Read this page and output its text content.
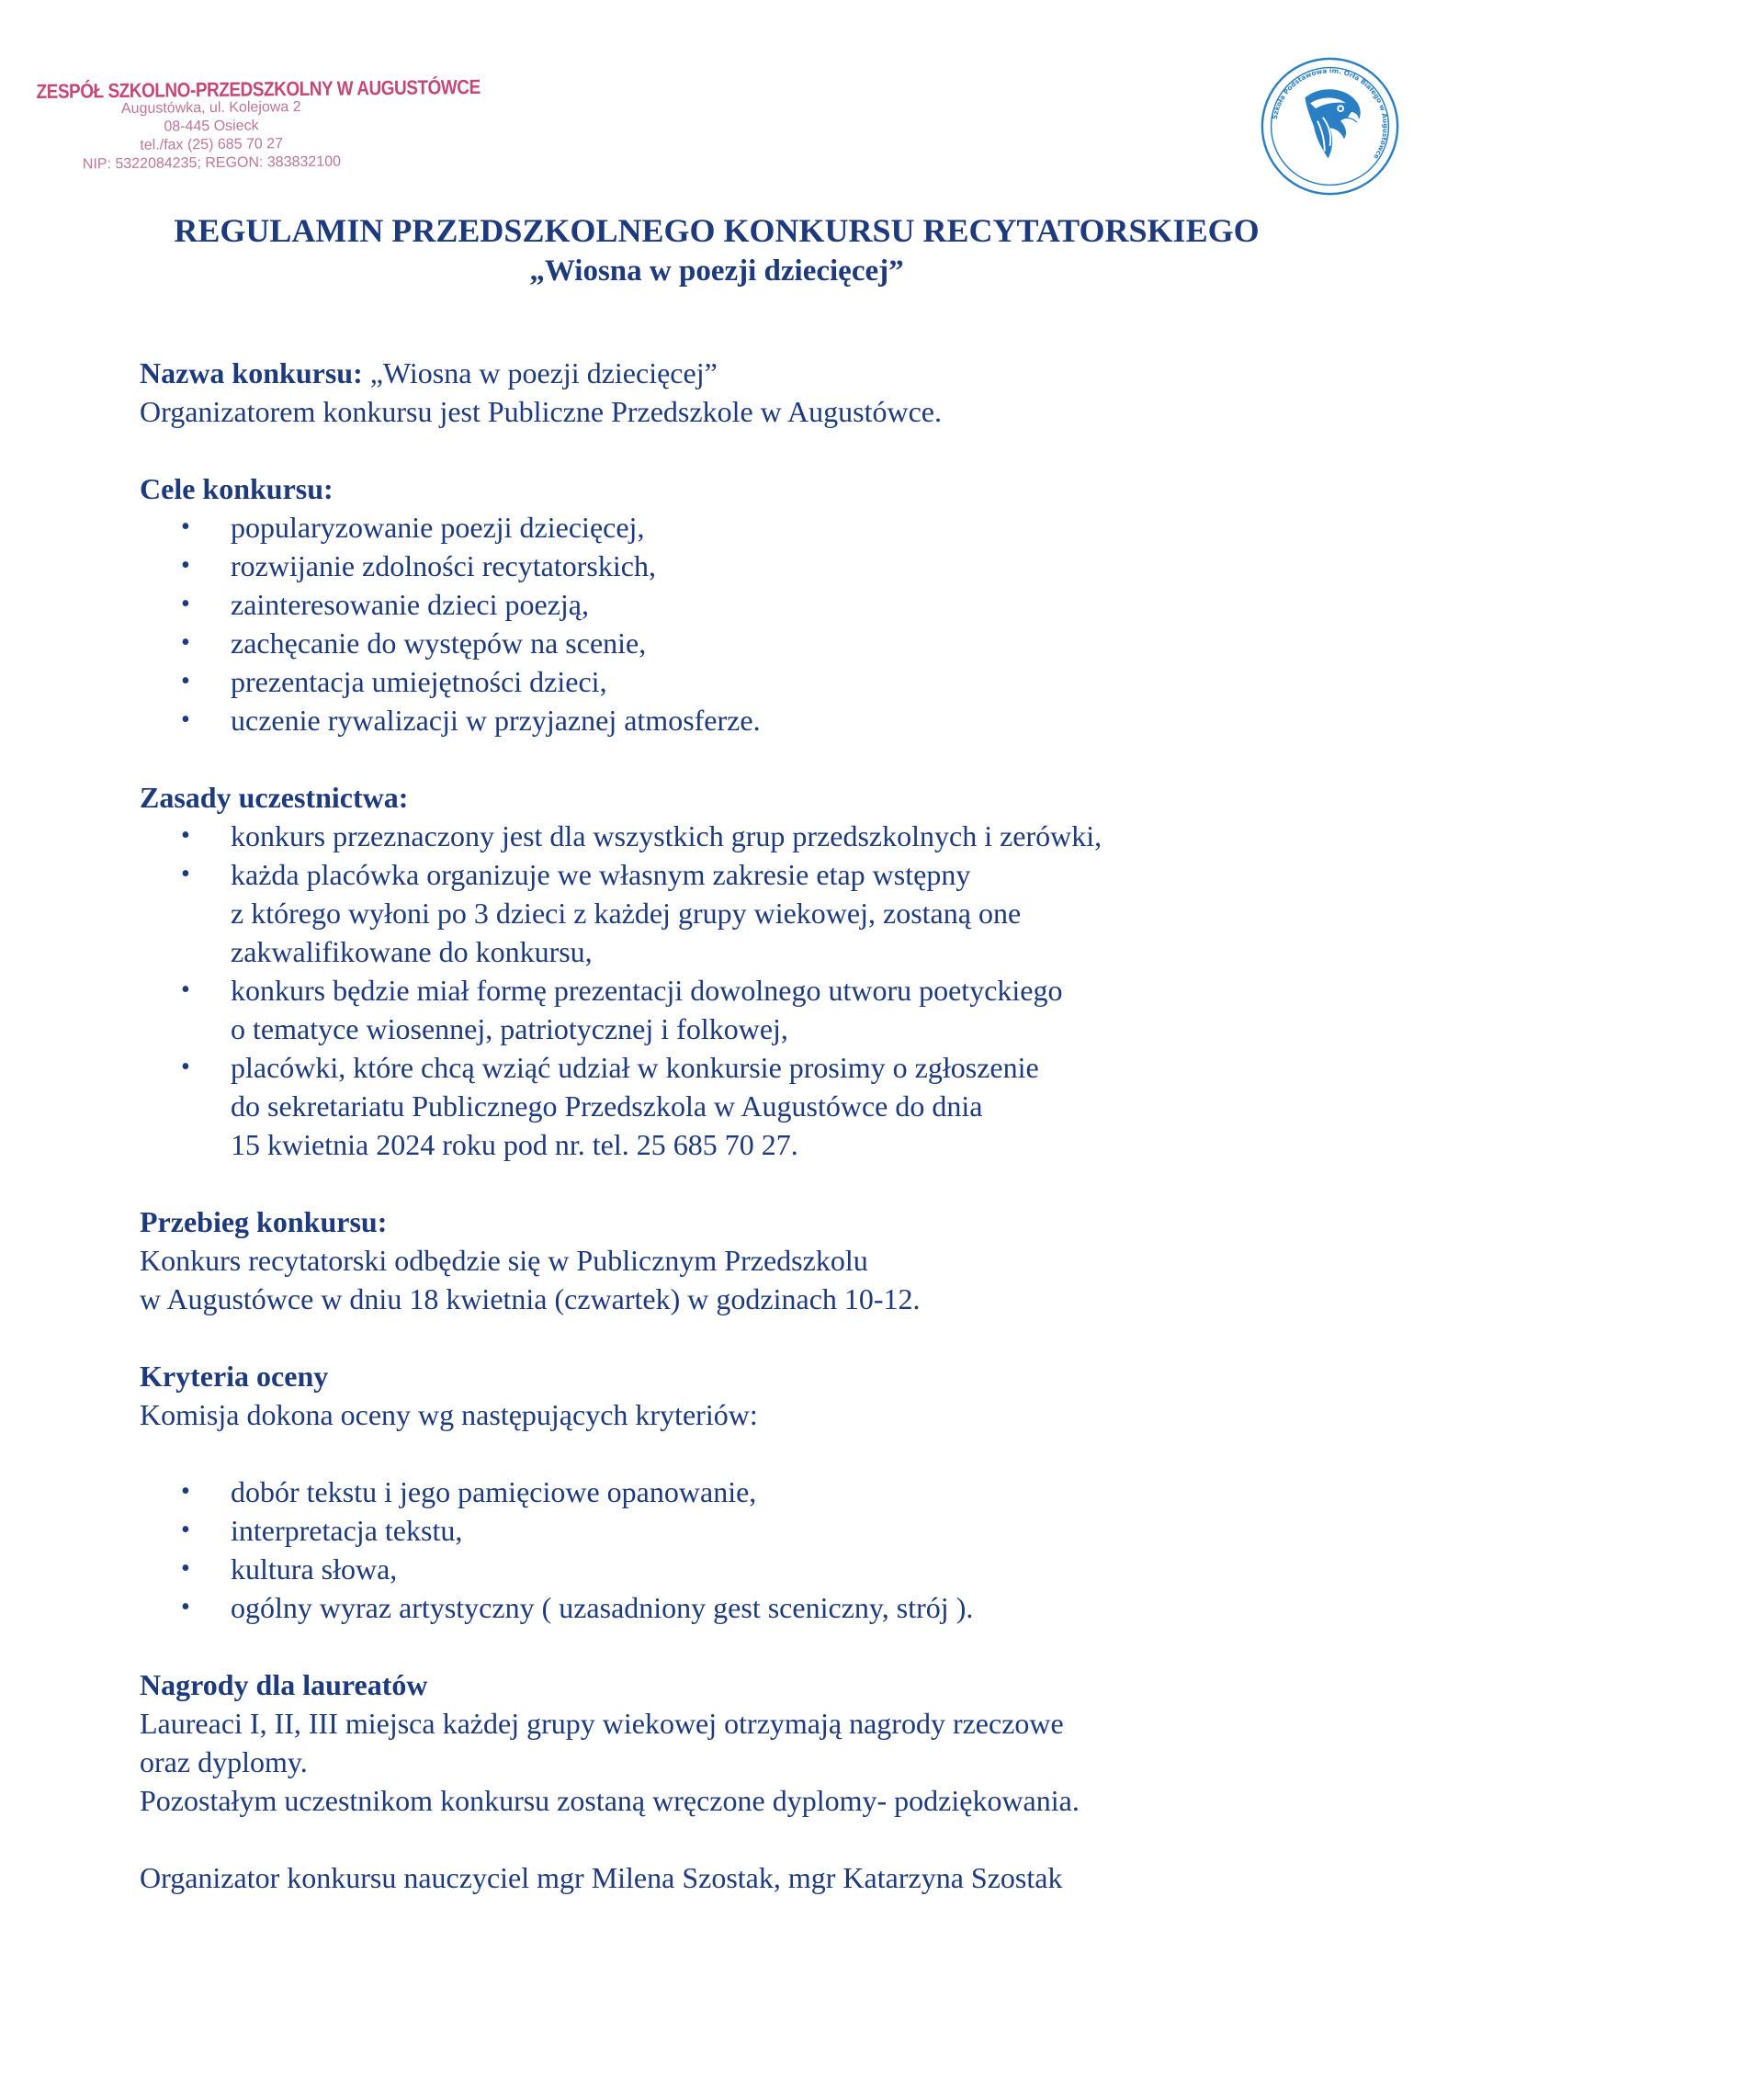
ZESPÓŁ SZKOLNO-PRZEDSZKOLNY W AUGUSTÓWCE
Augustówka, ul. Kolejowa 2
08-445 Osieck
tel./fax (25) 685 70 27
NIP: 5322084235; REGON: 383832100
Szkoła Podstawowa im. Orła Białego w Augustówce
REGULAMIN PRZEDSZKOLNEGO KONKURSU RECYTATORSKIEGO
„Wiosna w poezji dziecięcej”

Nazwa konkursu: „Wiosna w poezji dziecięcej”

Organizatorem konkursu jest Publiczne Przedszkole w Augustówce.

Cele konkursu:

• popularyzowanie poezji dziecięcej,
• rozwijanie zdolności recytatorskich,
• zainteresowanie dzieci poezją,
• zachęcanie do występów na scenie,
• prezentacja umiejętności dzieci,
• uczenie rywalizacji w przyjaznej atmosferze.

Zasady uczestnictwa:

• konkurs przeznaczony jest dla wszystkich grup przedszkolnych i zerówki,
• każda placówka organizuje we własnym zakresie etap wstępny
z którego wyłoni po 3 dzieci z każdej grupy wiekowej, zostaną one
zakwalifikowane do konkursu,
• konkurs będzie miał formę prezentacji dowolnego utworu poetyckiego
o tematyce wiosennej, patriotycznej i folkowej,
• placówki, które chcą wziąć udział w konkursie prosimy o zgłoszenie
do sekretariatu Publicznego Przedszkola w Augustówce do dnia
15 kwietnia 2024 roku pod nr. tel. 25 685 70 27.

Przebieg konkursu:

Konkurs recytatorski odbędzie się w Publicznym Przedszkolu

w Augustówce w dniu 18 kwietnia (czwartek) w godzinach 10-12.

Kryteria oceny

Komisja dokona oceny wg następujących kryteriów:

• dobór tekstu i jego pamięciowe opanowanie,
• interpretacja tekstu,
• kultura słowa,
• ogólny wyraz artystyczny ( uzasadniony gest sceniczny, strój ).

Nagrody dla laureatów

Laureaci I, II, III miejsca każdej grupy wiekowej otrzymają nagrody rzeczowe

oraz dyplomy.

Pozostałym uczestnikom konkursu zostaną wręczone dyplomy- podziękowania.

Organizator konkursu nauczyciel mgr Milena Szostak, mgr Katarzyna Szostak
